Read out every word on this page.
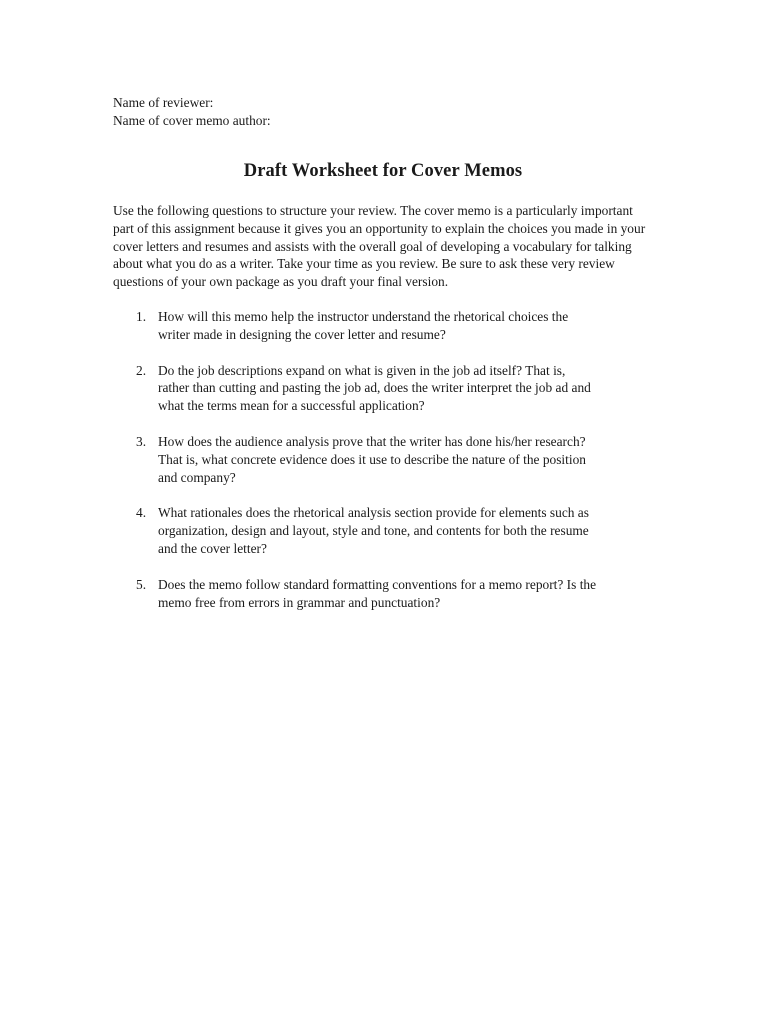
Name of reviewer:

Name of cover memo author:

Draft Worksheet for Cover Memos

Use the following questions to structure your review. The cover memo is a particularly important part of this assignment because it gives you an opportunity to explain the choices you made in your cover letters and resumes and assists with the overall goal of developing a vocabulary for talking about what you do as a writer. Take your time as you review. Be sure to ask these very review questions of your own package as you draft your final version.

1. How will this memo help the instructor understand the rhetorical choices the
writer made in designing the cover letter and resume?
2. Do the job descriptions expand on what is given in the job ad itself? That is,
rather than cutting and pasting the job ad, does the writer interpret the job ad and
what the terms mean for a successful application?
3. How does the audience analysis prove that the writer has done his/her research?
That is, what concrete evidence does it use to describe the nature of the position
and company?
4. What rationales does the rhetorical analysis section provide for elements such as
organization, design and layout, style and tone, and contents for both the resume
and the cover letter?
5. Does the memo follow standard formatting conventions for a memo report? Is the
memo free from errors in grammar and punctuation?
